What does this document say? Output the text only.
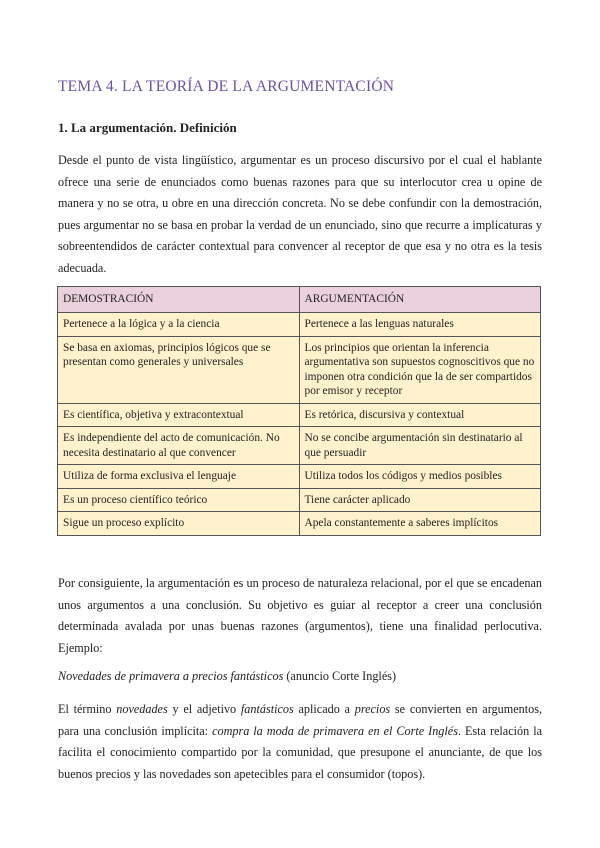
TEMA 4. LA TEORÍA DE LA ARGUMENTACIÓN
1. La argumentación. Definición
Desde el punto de vista lingüístico, argumentar es un proceso discursivo por el cual el hablante ofrece una serie de enunciados como buenas razones para que su interlocutor crea u opine de manera y no se otra, u obre en una dirección concreta. No se debe confundir con la demostración, pues argumentar no se basa en probar la verdad de un enunciado, sino que recurre a implicaturas y sobreentendidos de carácter contextual para convencer al receptor de que esa y no otra es la tesis adecuada.
DEMOSTRACIÓN	ARGUMENTACIÓN
Pertenece a la lógica y a la ciencia	Pertenece a las lenguas naturales
Se basa en axiomas, principios lógicos que se presentan como generales y universales	Los principios que orientan la inferencia argumentativa son supuestos cognoscitivos que no imponen otra condición que la de ser compartidos por emisor y receptor
Es científica, objetiva y extracontextual	Es retórica, discursiva y contextual
Es independiente del acto de comunicación. No necesita destinatario al que convencer	No se concibe argumentación sin destinatario al que persuadir
Utiliza de forma exclusiva el lenguaje	Utiliza todos los códigos y medios posibles
Es un proceso científico teórico	Tiene carácter aplicado
Sigue un proceso explícito	Apela constantemente a saberes implícitos
Por consiguiente, la argumentación es un proceso de naturaleza relacional, por el que se encadenan unos argumentos a una conclusión. Su objetivo es guiar al receptor a creer una conclusión determinada avalada por unas buenas razones (argumentos), tiene una finalidad perlocutiva. Ejemplo:
Novedades de primavera a precios fantásticos (anuncio Corte Inglés)
El término novedades y el adjetivo fantásticos aplicado a precios se convierten en argumentos, para una conclusión implícita: compra la moda de primavera en el Corte Inglés. Esta relación la facilita el conocimiento compartido por la comunidad, que presupone el anunciante, de que los buenos precios y las novedades son apetecibles para el consumidor (topos).
